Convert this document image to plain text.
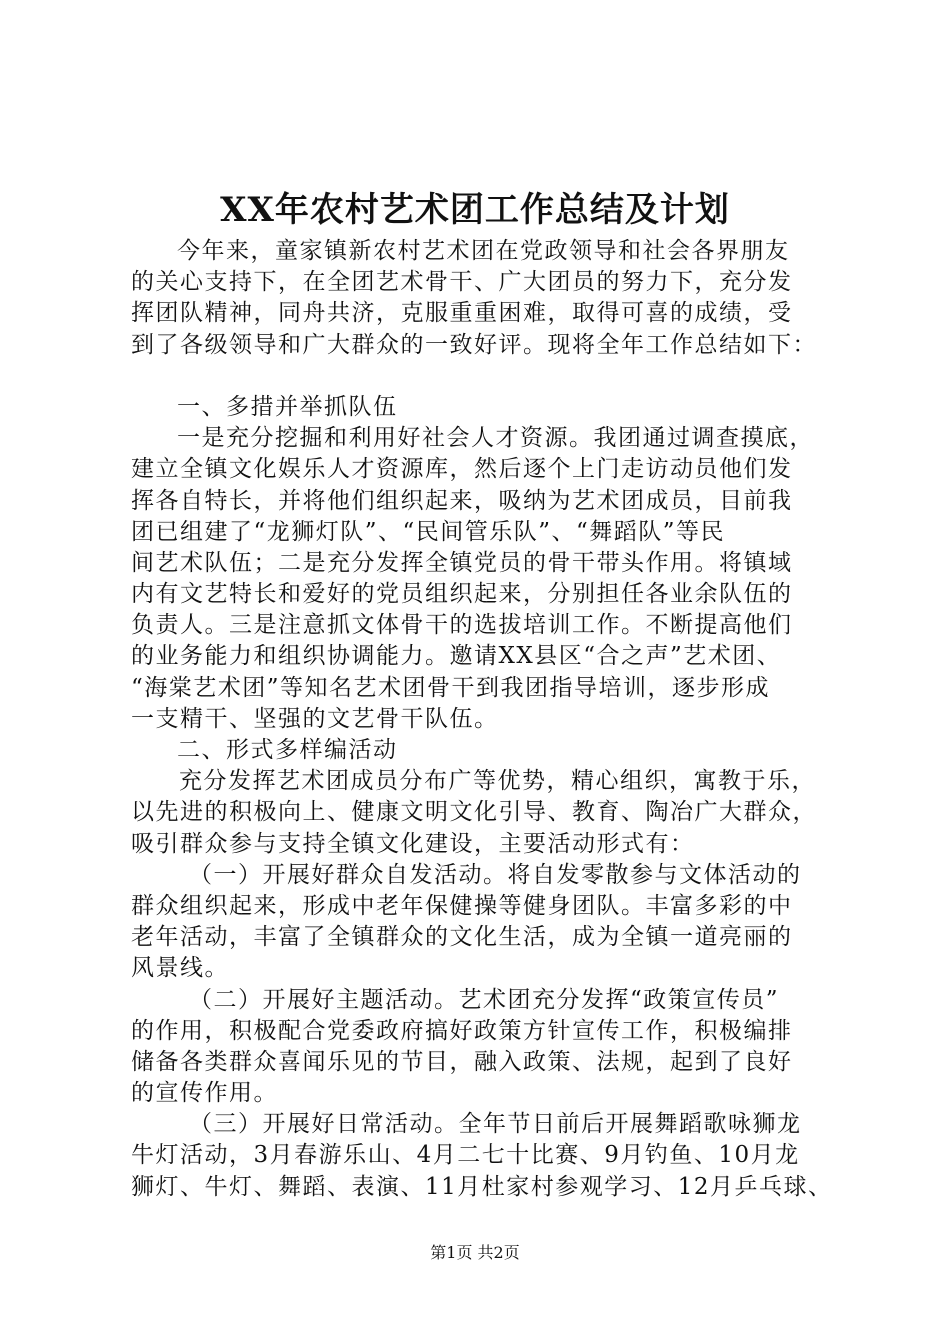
XX年农村艺术团工作总结及计划
今年来，童家镇新农村艺术团在党政领导和社会各界朋友
的关心支持下，在全团艺术骨干、广大团员的努力下，充分发
挥团队精神，同舟共济，克服重重困难，取得可喜的成绩，受
到了各级领导和广大群众的一致好评。现将全年工作总结如下：
一、多措并举抓队伍
一是充分挖掘和利用好社会人才资源。我团通过调查摸底，
建立全镇文化娱乐人才资源库，然后逐个上门走访动员他们发
挥各自特长，并将他们组织起来，吸纳为艺术团成员，目前我
团已组建了“龙狮灯队”、“民间管乐队”、“舞蹈队”等民
间艺术队伍；二是充分发挥全镇党员的骨干带头作用。将镇域
内有文艺特长和爱好的党员组织起来，分别担任各业余队伍的
负责人。三是注意抓文体骨干的选拔培训工作。不断提高他们
的业务能力和组织协调能力。邀请XX县区“合之声”艺术团、
“海棠艺术团”等知名艺术团骨干到我团指导培训，逐步形成
一支精干、坚强的文艺骨干队伍。
二、形式多样编活动
充分发挥艺术团成员分布广等优势，精心组织，寓教于乐，
以先进的积极向上、健康文明文化引导、教育、陶冶广大群众，
吸引群众参与支持全镇文化建设，主要活动形式有：
（一）开展好群众自发活动。将自发零散参与文体活动的
群众组织起来，形成中老年保健操等健身团队。丰富多彩的中
老年活动，丰富了全镇群众的文化生活，成为全镇一道亮丽的
风景线。
（二）开展好主题活动。艺术团充分发挥“政策宣传员”
的作用，积极配合党委政府搞好政策方针宣传工作，积极编排
储备各类群众喜闻乐见的节目，融入政策、法规，起到了良好
的宣传作用。
（三）开展好日常活动。全年节日前后开展舞蹈歌咏狮龙
牛灯活动，3月春游乐山、4月二七十比赛、9月钓鱼、10月龙
狮灯、牛灯、舞蹈、表演、11月杜家村参观学习、12月乒乓球、
第1页 共2页
